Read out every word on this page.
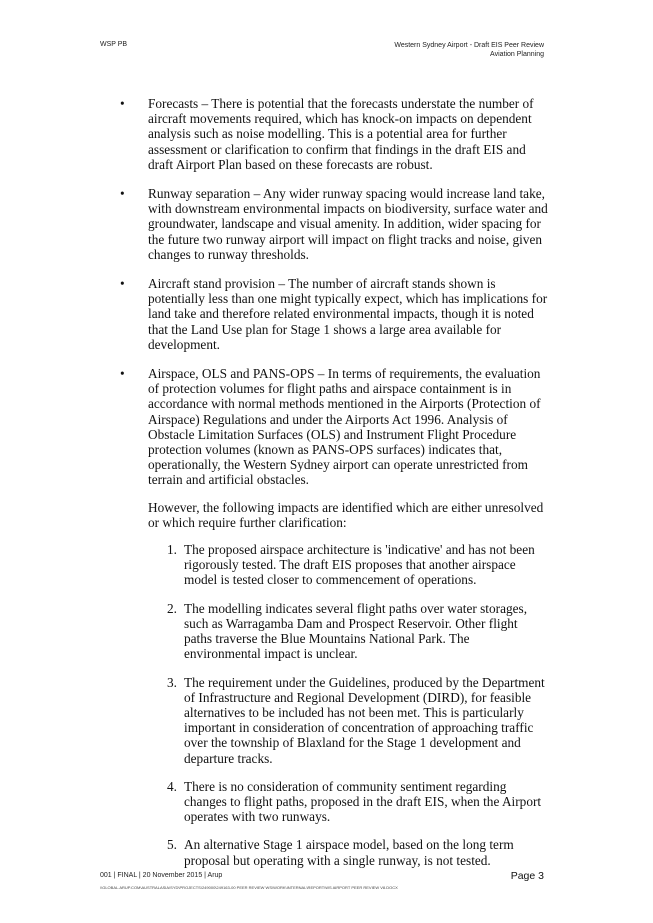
WSP PB	Western Sydney Airport - Draft EIS Peer Review
Aviation Planning
• Forecasts – There is potential that the forecasts understate the number of aircraft movements required, which has knock-on impacts on dependent analysis such as noise modelling. This is a potential area for further assessment or clarification to confirm that findings in the draft EIS and draft Airport Plan based on these forecasts are robust.
• Runway separation – Any wider runway spacing would increase land take, with downstream environmental impacts on biodiversity, surface water and groundwater, landscape and visual amenity. In addition, wider spacing for the future two runway airport will impact on flight tracks and noise, given changes to runway thresholds.
• Aircraft stand provision – The number of aircraft stands shown is potentially less than one might typically expect, which has implications for land take and therefore related environmental impacts, though it is noted that the Land Use plan for Stage 1 shows a large area available for development.
• Airspace, OLS and PANS-OPS – In terms of requirements, the evaluation of protection volumes for flight paths and airspace containment is in accordance with normal methods mentioned in the Airports (Protection of Airspace) Regulations and under the Airports Act 1996. Analysis of Obstacle Limitation Surfaces (OLS) and Instrument Flight Procedure protection volumes (known as PANS-OPS surfaces) indicates that, operationally, the Western Sydney airport can operate unrestricted from terrain and artificial obstacles.
However, the following impacts are identified which are either unresolved or which require further clarification:
1. The proposed airspace architecture is 'indicative' and has not been rigorously tested. The draft EIS proposes that another airspace model is tested closer to commencement of operations.
2. The modelling indicates several flight paths over water storages, such as Warragamba Dam and Prospect Reservoir. Other flight paths traverse the Blue Mountains National Park. The environmental impact is unclear.
3. The requirement under the Guidelines, produced by the Department of Infrastructure and Regional Development (DIRD), for feasible alternatives to be included has not been met. This is particularly important in consideration of concentration of approaching traffic over the township of Blaxland for the Stage 1 development and departure tracks.
4. There is no consideration of community sentiment regarding changes to flight paths, proposed in the draft EIS, when the Airport operates with two runways.
5. An alternative Stage 1 airspace model, based on the long term proposal but operating with a single runway, is not tested.
001 | FINAL | 20 November 2015 | Arup
\\GLOBAL.ARUP.COM\AUSTRALASIA\SYD\PROJECTS\249000\249163-00 PEER REVIEW WS\WORK\INTERNAL\REPORT\WS AIRPORT PEER REVIEW V8.DOCX
Page 3
